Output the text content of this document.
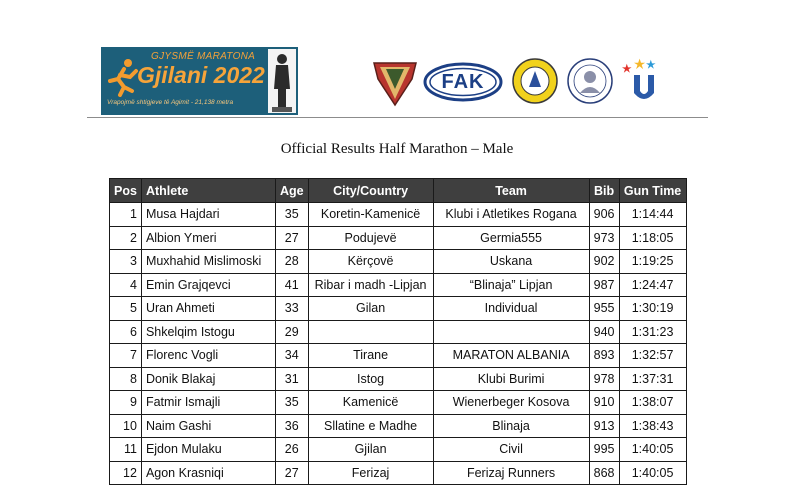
GJYSMË MARATONA
Gjilani 2022
Vrapojmë shtigjeve të Agimit - 21,138 metra
FAK
Official Results Half Marathon – Male
Pos	Athlete	Age	City/Country	Team	Bib	Gun Time
1	Musa Hajdari	35	Koretin-Kamenicë	Klubi i Atletikes Rogana	906	1:14:44
2	Albion Ymeri	27	Podujevë	Germia555	973	1:18:05
3	Muxhahid Mislimoski	28	Kërçovë	Uskana	902	1:19:25
4	Emin Grajqevci	41	Ribar i madh -Lipjan	“Blinaja” Lipjan	987	1:24:47
5	Uran Ahmeti	33	Gilan	Individual	955	1:30:19
6	Shkelqim Istogu	29			940	1:31:23
7	Florenc Vogli	34	Tirane	MARATON ALBANIA	893	1:32:57
8	Donik Blakaj	31	Istog	Klubi Burimi	978	1:37:31
9	Fatmir Ismajli	35	Kamenicë	Wienerbeger Kosova	910	1:38:07
10	Naim Gashi	36	Sllatine e Madhe	Blinaja	913	1:38:43
11	Ejdon Mulaku	26	Gjilan	Civil	995	1:40:05
12	Agon Krasniqi	27	Ferizaj	Ferizaj Runners	868	1:40:05
